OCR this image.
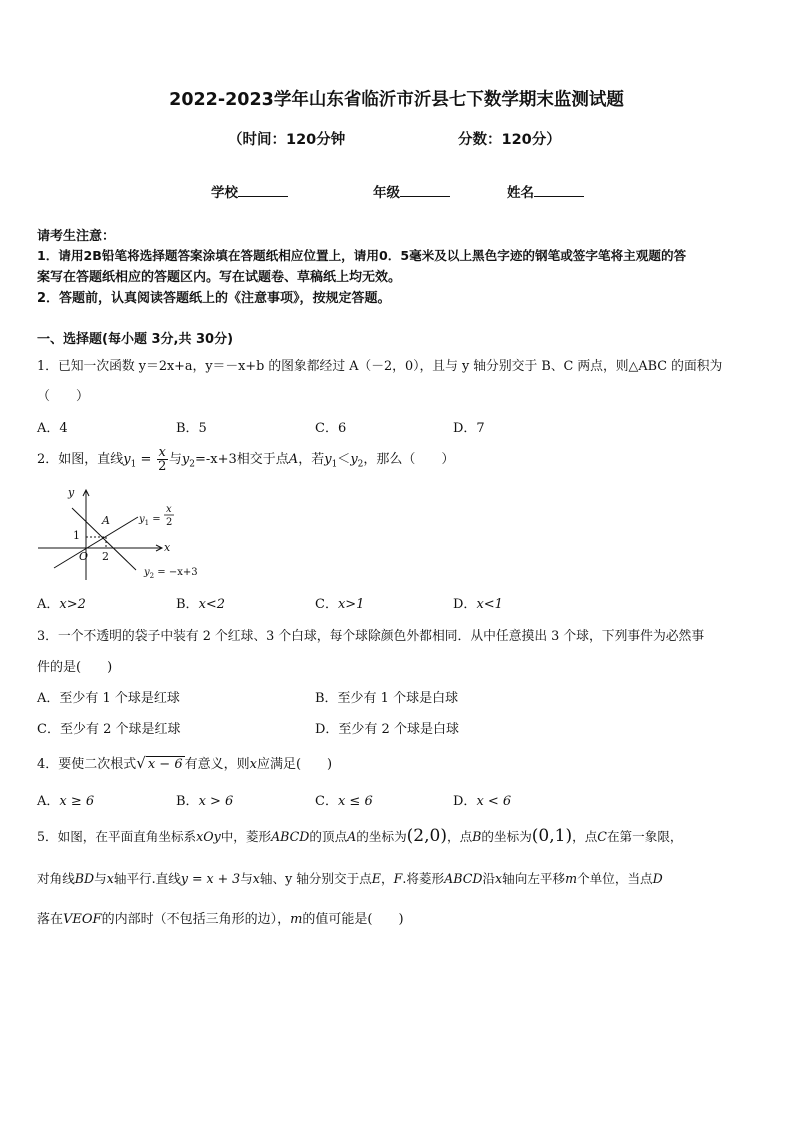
2022-2023学年山东省临沂市沂县七下数学期末监测试题
（时间：120分钟	分数：120分）
学校	年级	姓名
请考生注意：
1．请用2B铅笔将选择题答案涂填在答题纸相应位置上，请用0．5毫米及以上黑色字迹的钢笔或签字笔将主观题的答
案写在答题纸相应的答题区内。写在试题卷、草稿纸上均无效。
2．答题前，认真阅读答题纸上的《注意事项》，按规定答题。
一、选择题(每小题 3分,共 30分)
1．已知一次函数 y＝2x+a，y＝－x+b 的图象都经过 A（－2，0），且与 y 轴分别交于 B、C 两点，则△ABC 的面积为
（　　）
A．4	B．5	C．6	D．7
2．如图，直线$y_1 = \frac{x}{2}$ 与$y_2=-x+3$相交于点A，若$y_1<y_2$，那么（　　）
y
x
O
A
1
2
$y_1$ =
x
2
$y_2 = -x+3$
A．x>2	B．x<2	C．x>1	D．x<1
3．一个不透明的袋子中装有 2 个红球、3 个白球，每个球除颜色外都相同．从中任意摸出 3 个球，下列事件为必然事
件的是(　　)
A．至少有 1 个球是红球	B．至少有 1 个球是白球
C．至少有 2 个球是红球	D．至少有 2 个球是白球
4．要使二次根式√ x − 6 有意义，则x应满足(　　)
A．x ≥ 6	B．x > 6	C．x ≤ 6	D．x < 6
5．如图，在平面直角坐标系xOy中，菱形ABCD的顶点A的坐标为(2,0)，点B的坐标为(0,1)，点C在第一象限，
对角线BD与x轴平行.直线y = x + 3与x轴、y 轴分别交于点E，F.将菱形ABCD沿x轴向左平移m个单位，当点D
落在VEOF的内部时（不包括三角形的边），m的值可能是(　　)
